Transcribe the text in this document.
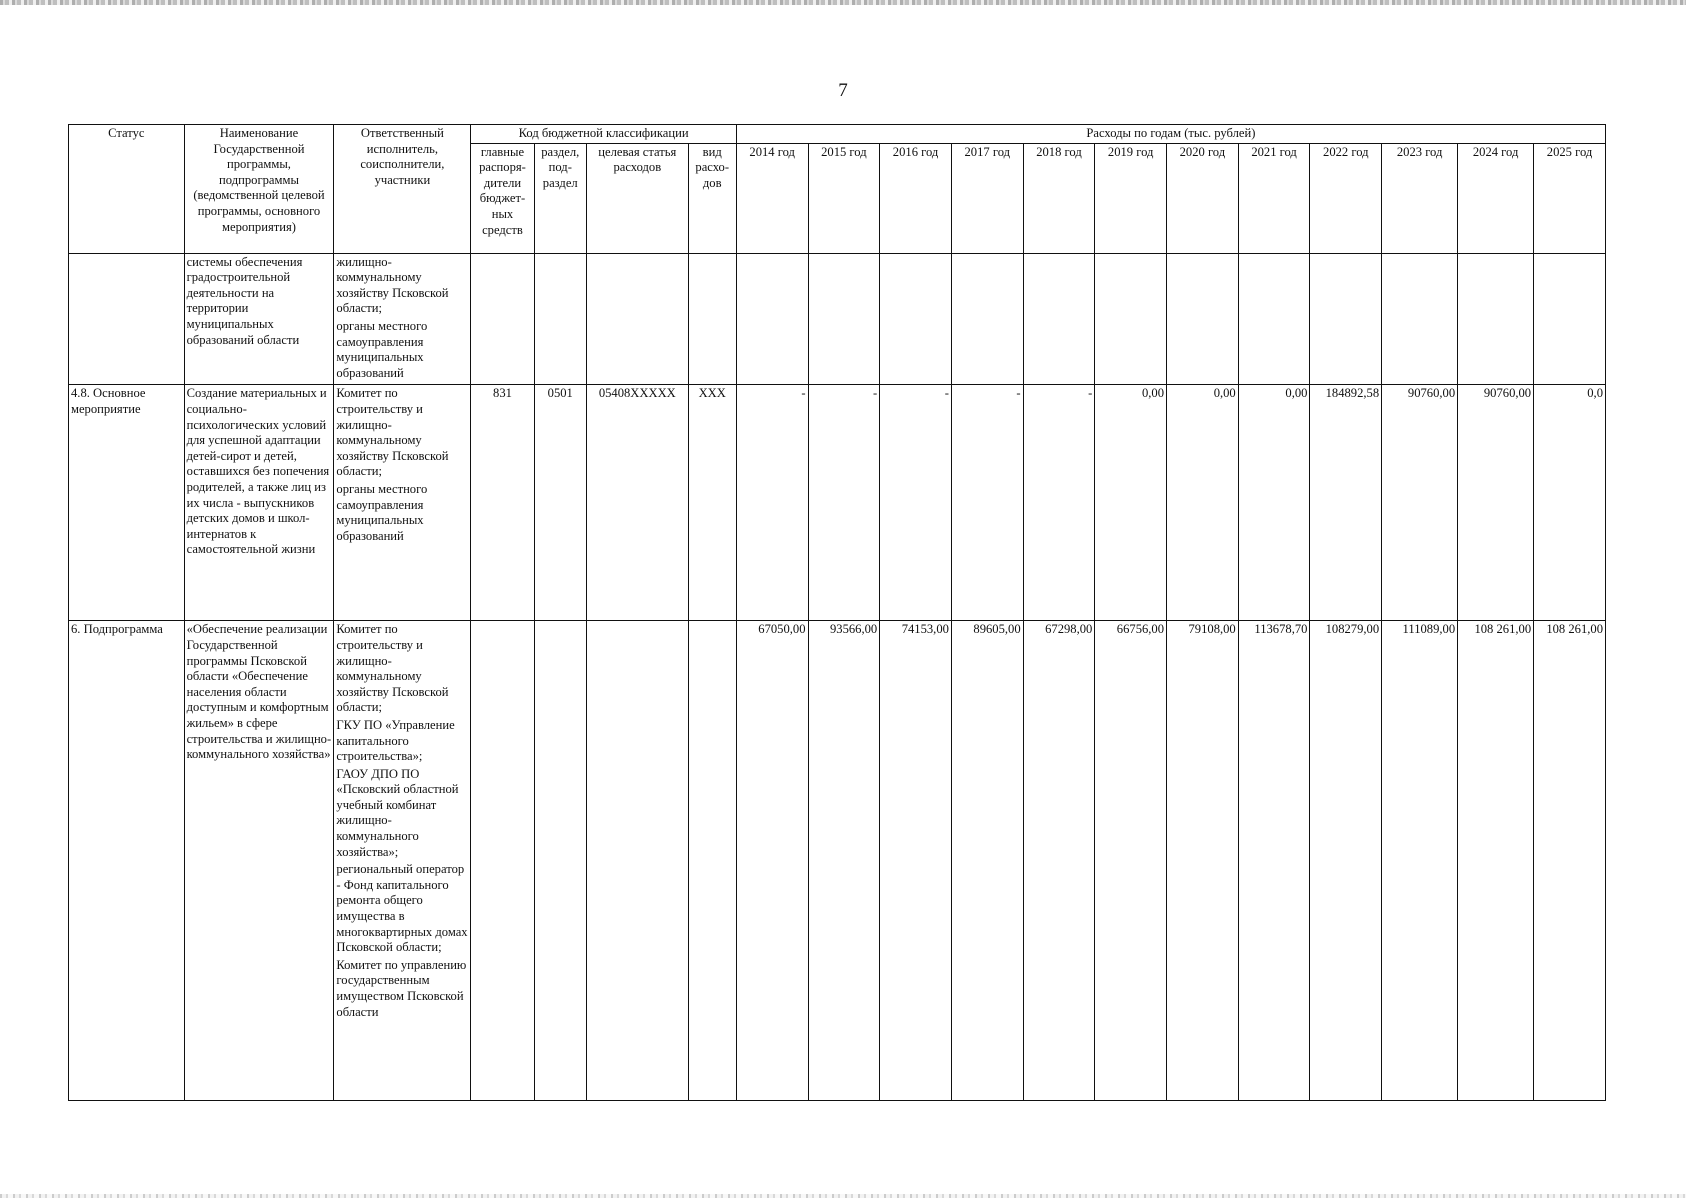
7
Статус	Наименование Государственной программы, подпрограммы (ведомственной целевой программы, основного мероприятия)	Ответственный исполнитель, соисполнители, участники	Код бюджетной классификации				Расходы по годам (тыс. рублей)											
			главные распоря-дители бюджет-ных средств	раздел, под-раздел	целевая статья расходов	вид расхо-дов	2014 год	2015 год	2016 год	2017 год	2018 год	2019 год	2020 год	2021 год	2022 год	2023 год	2024 год	2025 год
	системы обеспечения градостроительной деятельности на территории муниципальных образований области	жилищно-коммунальному хозяйству Псковской области;

органы местного самоуправления муниципальных образований																

4.8. Основное мероприятие	Создание материальных и социально-психологических условий для успешной адаптации детей-сирот и детей, оставшихся без попечения родителей, а также лиц из их числа - выпускников детских домов и школ-интернатов к самостоятельной жизни	Комитет по строительству и жилищно-коммунальному хозяйству Псковской области;

органы местного самоуправления муниципальных образований	831	0501	05408XXXXX	XXX	-	-	-	-	-	0,00	0,00	0,00	184892,58	90760,00	90760,00	0,0
6. Подпрограмма	«Обеспечение реализации Государственной программы Псковской области «Обеспечение населения области доступным и комфортным жильем» в сфере строительства и жилищно-коммунального хозяйства»	Комитет по строительству и жилищно-коммунальному хозяйству Псковской области;

ГКУ ПО «Управление капитального строительства»;

ГАОУ ДПО ПО «Псковский областной учебный комбинат жилищно-коммунального хозяйства»;

региональный оператор - Фонд капитального ремонта общего имущества в многоквартирных домах Псковской области;

Комитет по управлению государственным имуществом Псковской области					67050,00	93566,00	74153,00	89605,00	67298,00	66756,00	79108,00	113678,70	108279,00	111089,00	108 261,00	108 261,00
